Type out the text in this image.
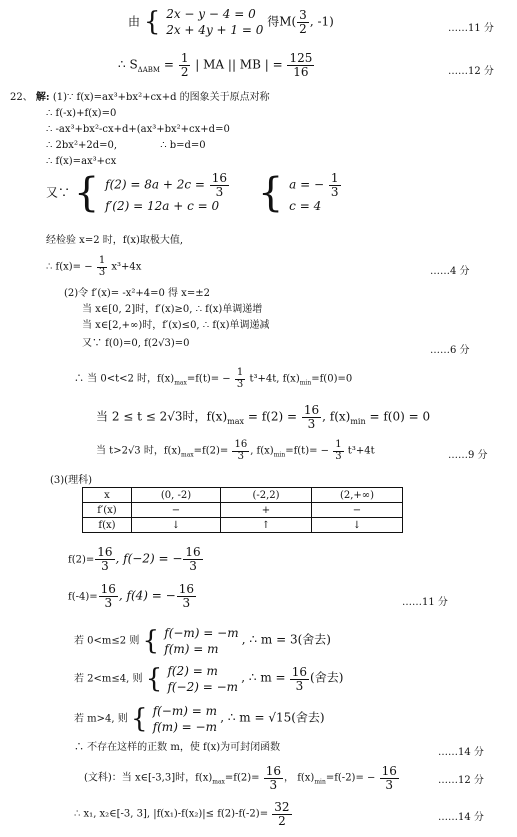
由 { 2x − y − 4 = 0
2x + 4y + 1 = 0
得$M( \frac{3}{2}$ , -1)	……11 分
∴ $S_{\Delta ABM} = \frac{1}{2}$ | MA || MB | = $\frac{125}{16}$	……12 分
22、 解: (1)∵ f(x)=ax³+bx²+cx+d 的图象关于原点对称
∴ f(-x)+f(x)=0
∴ -ax³+bx²-cx+d+(ax³+bx²+cx+d=0
∴ 2bx²+2d=0,	∴ b=d=0
∴ f(x)=ax³+cx
又∵ { $f(2) = 8a + 2c = \frac{16}{3}$
f′(2) = 12a + c = 0 { a = − $\frac{1}{3}$
c = 4
经检验 x=2 时，f(x)取极大值,
∴ $f(x)= - \frac{1}{3} x^3+4x$	……4 分
(2)令 f′(x)= -x²+4=0 得 x=±2
当 x∈[0, 2]时，f′(x)≥0, ∴ f(x)单调递增
当 x∈[2,+∞)时，f′(x)≤0, ∴ f(x)单调递减
又∵ f(0)=0, f(2√3)=0
……6 分
∴ 当 0<t<2 时，$f(x)_{max}=f(t)= - \frac{1}{3} t^3+4t$, $f(x)_{min}=f(0)=0$
当 2 ≤ t ≤ 2√3时，$f(x)_{max} = f(2) = \frac{16}{3}$ , $f(x)_{min} = f(0) = 0$
当 t>2√3 时，$f(x)_{max}=f(2)= \frac{16}{3}$ , $f(x)_{min}=f(t)= - \frac{1}{3} t^3+4t$	……9 分
(3)(理科)
x	(0, -2)	(-2,2)	(2,+∞)
f′(x)	−	+	−
f(x)	↓	↑	↓
$f(2)= \frac{16}{3}$ , f(−2) = − $\frac{16}{3}$
$f(-4)= \frac{16}{3}$ , f(4) = − $\frac{16}{3}$	……11 分
若 0<m≤2 则 { f(−m) = −m
f(m) = m
, ∴ m = 3(舍去)
若 2<m≤4, 则 { f(2) = m
f(−2) = −m
, ∴ $m = \frac{16}{3}$ (舍去)
若 m>4, 则 { f(−m) = m
f(m) = −m
, ∴ m = √15(舍去)
∴ 不存在这样的正数 m，使 f(x)为可封闭函数	……14 分
(文科)：当 x∈[-3,3]时，$f(x)_{max}=f(2)= \frac{16}{3}$ ， $f(x)_{min}=f(-2)= - \frac{16}{3}$	……12 分
∴ x₁, x₂∈[-3, 3], $|f(x_1)-f(x_2)|\le f(2)-f(-2)= \frac{32}{2}$	……14 分
